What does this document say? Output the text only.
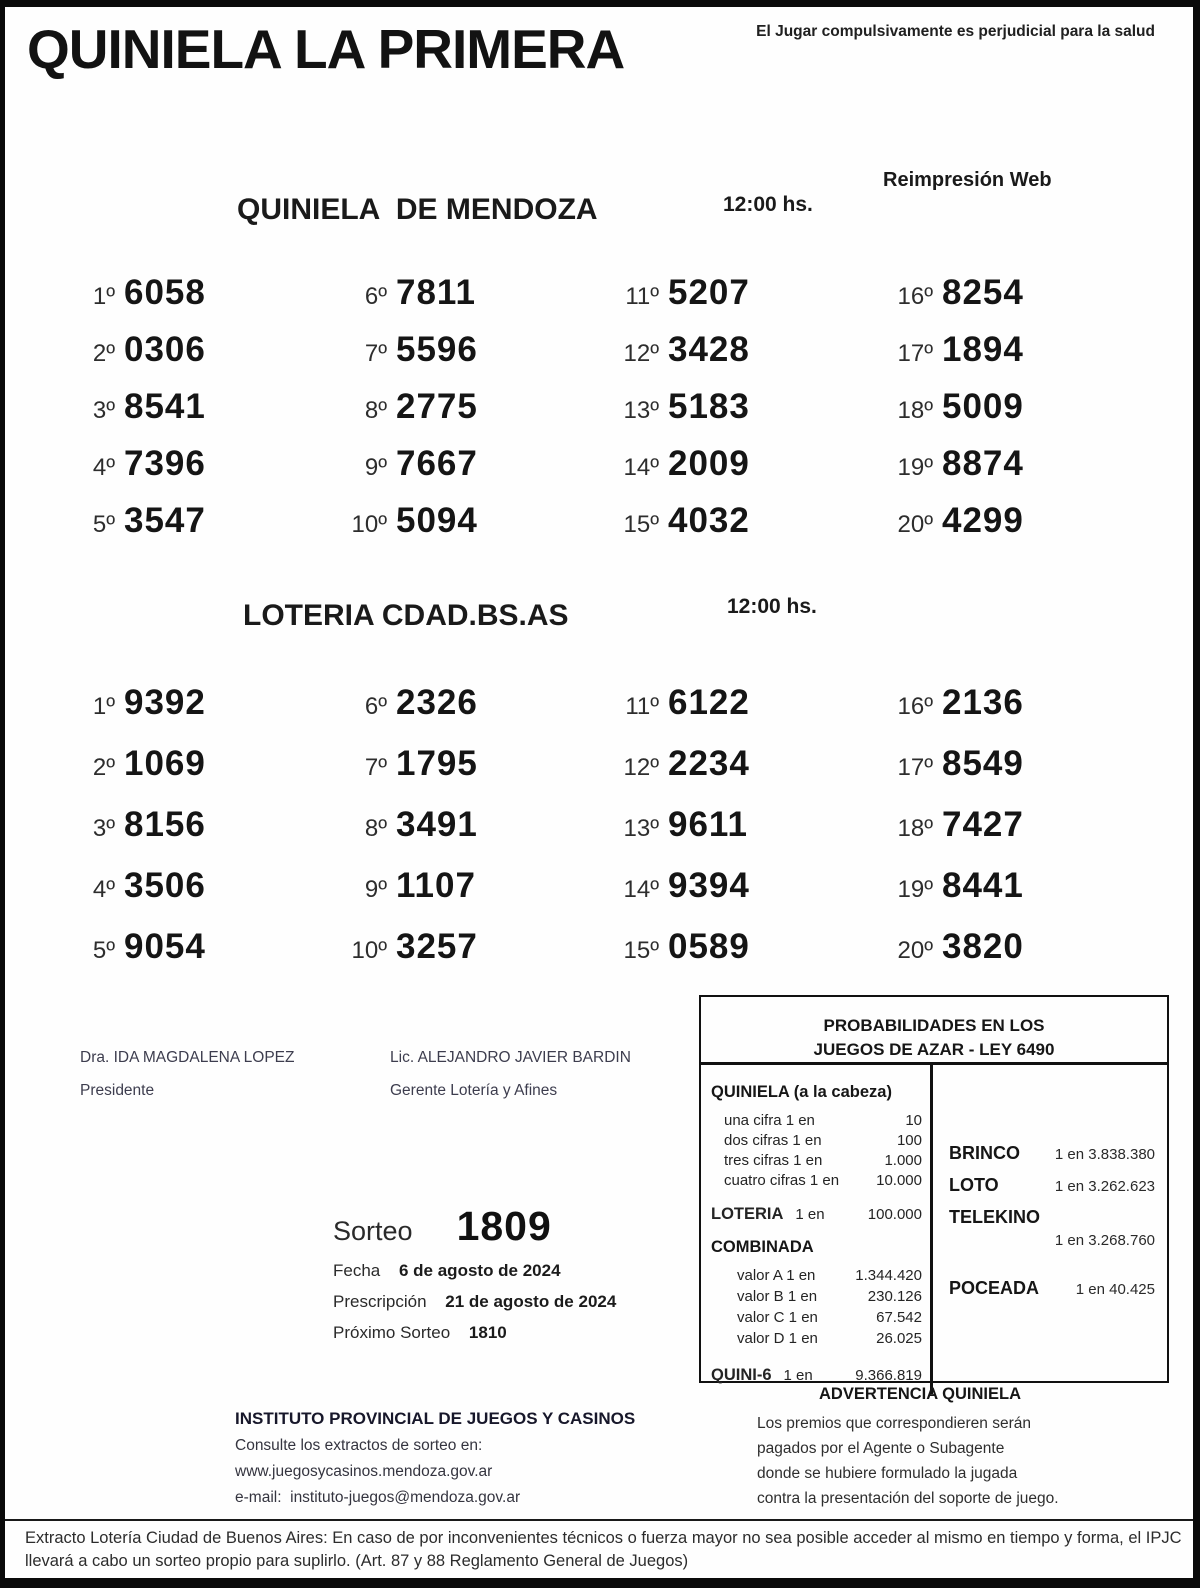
QUINIELA LA PRIMERA	El Jugar compulsivamente es perjudicial para la salud
Reimpresión Web
QUINIELA  DE MENDOZA	12:00 hs.
1º 6058
2º 0306
3º 8541
4º 7396
5º 3547
6º 7811
7º 5596
8º 2775
9º 7667
10º 5094
11º 5207
12º 3428
13º 5183
14º 2009
15º 4032
16º 8254
17º 1894
18º 5009
19º 8874
20º 4299
LOTERIA CDAD.BS.AS	12:00 hs.
1º 9392
2º 1069
3º 8156
4º 3506
5º 9054
6º 2326
7º 1795
8º 3491
9º 1107
10º 3257
11º 6122
12º 2234
13º 9611
14º 9394
15º 0589
16º 2136
17º 8549
18º 7427
19º 8441
20º 3820
Dra. IDA MAGDALENA LOPEZ
Presidente
Lic. ALEJANDRO JAVIER BARDIN
Gerente Lotería y Afines
PROBABILIDADES EN LOS
JUEGOS DE AZAR - LEY 6490
QUINIELA (a la cabeza)
una cifra 1 en	10
dos cifras 1 en	100
tres cifras 1 en	1.000
cuatro cifras 1 en 10.000
LOTERIA 1 en	100.000
COMBINADA
valor A 1 en	1.344.420
valor B 1 en	230.126
valor C 1 en	67.542
valor D 1 en	26.025
QUINI-6 1 en	9.366.819
BRINCO 1 en 3.838.380
LOTO	1 en 3.262.623
TELEKINO
1 en 3.268.760
POCEADA 1 en 40.425
Sorteo 1809
Fecha 6 de agosto de 2024
Prescripción 21 de agosto de 2024
Próximo Sorteo 1810
ADVERTENCIA QUINIELA
Los premios que correspondieren serán
pagados por el Agente o Subagente
donde se hubiere formulado la jugada
contra la presentación del soporte de juego.
INSTITUTO PROVINCIAL DE JUEGOS Y CASINOS
Consulte los extractos de sorteo en:
www.juegosycasinos.mendoza.gov.ar
e-mail:  instituto-juegos@mendoza.gov.ar
Extracto Lotería Ciudad de Buenos Aires: En caso de por inconvenientes técnicos o fuerza mayor no sea posible acceder al mismo en tiempo y forma, el IPJC llevará a cabo un sorteo propio para suplirlo. (Art. 87 y 88 Reglamento General de Juegos)
